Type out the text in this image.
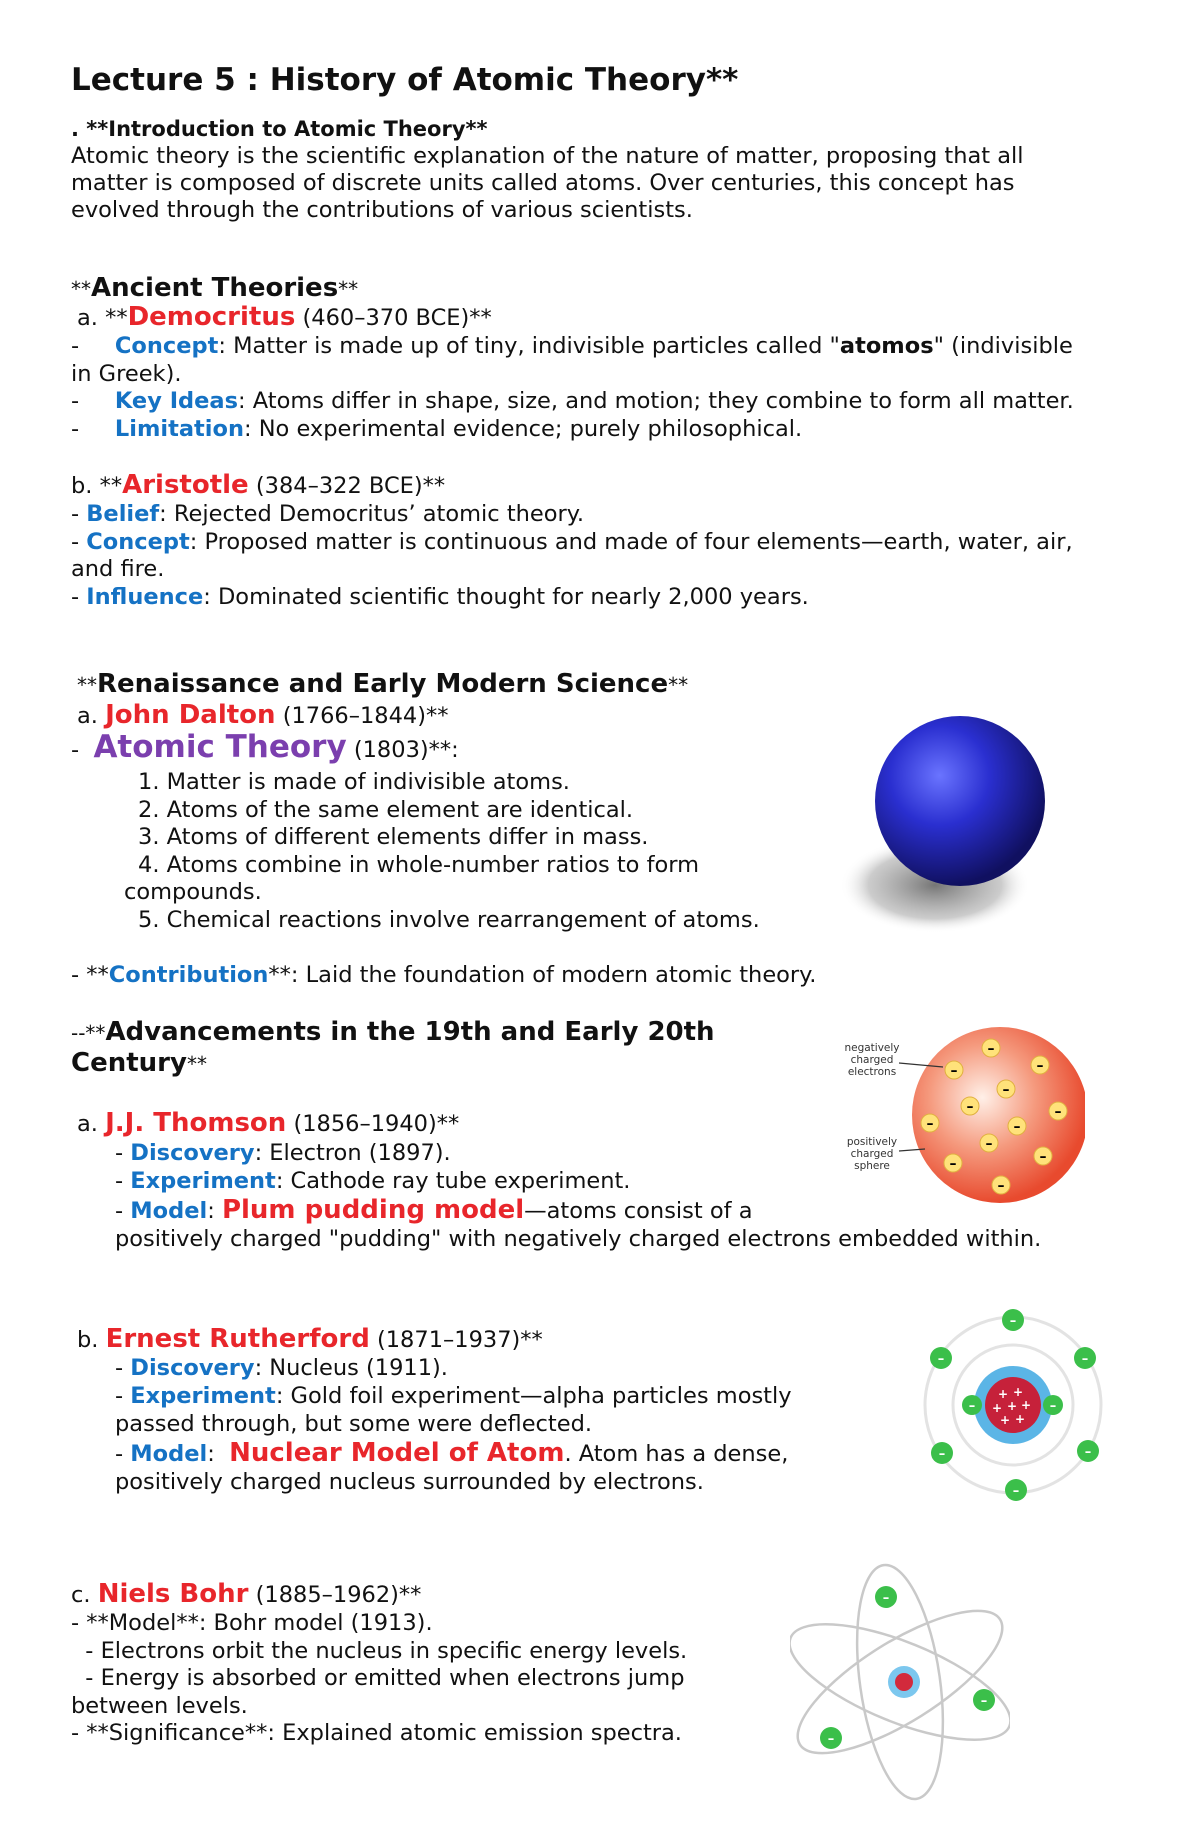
Lecture 5 : History of Atomic Theory**
. **Introduction to Atomic Theory**
Atomic theory is the scientific explanation of the nature of matter, proposing that all
matter is composed of discrete units called atoms. Over centuries, this concept has
evolved through the contributions of various scientists.
**Ancient Theories**
a. **Democritus (460–370 BCE)**
-     Concept: Matter is made up of tiny, indivisible particles called "atomos" (indivisible
in Greek).
-     Key Ideas: Atoms differ in shape, size, and motion; they combine to form all matter.
-     Limitation: No experimental evidence; purely philosophical.
b. **Aristotle (384–322 BCE)**
- Belief: Rejected Democritus’ atomic theory.
- Concept: Proposed matter is continuous and made of four elements—earth, water, air,
and fire.
- Influence: Dominated scientific thought for nearly 2,000 years.
**Renaissance and Early Modern Science**
a. John Dalton (1766–1844)**
-  Atomic Theory (1803)**:
1. Matter is made of indivisible atoms.
2. Atoms of the same element are identical.
3. Atoms of different elements differ in mass.
4. Atoms combine in whole-number ratios to form
compounds.
5. Chemical reactions involve rearrangement of atoms.
- **Contribution**: Laid the foundation of modern atomic theory.
--**Advancements in the 19th and Early 20th
Century**
a. J.J. Thomson (1856–1940)**
- Discovery: Electron (1897).
- Experiment: Cathode ray tube experiment.
- Model: Plum pudding model—atoms consist of a
positively charged "pudding" with negatively charged electrons embedded within.
b. Ernest Rutherford (1871–1937)**
- Discovery: Nucleus (1911).
- Experiment: Gold foil experiment—alpha particles mostly
passed through, but some were deflected.
- Model:  Nuclear Model of Atom. Atom has a dense,
positively charged nucleus surrounded by electrons.
c. Niels Bohr (1885–1962)**
- **Model**: Bohr model (1913).
- Electrons orbit the nucleus in specific energy levels.
- Energy is absorbed or emitted when electrons jump
between levels.
- **Significance**: Explained atomic emission spectra.
–
–	–
–
–	–
–	–
–
–	–
–
negatively
charged
electrons
positively
charged
sphere
+ +
+ + +
+ +
–
–	–
–	–
–	–
–
–
–
–
